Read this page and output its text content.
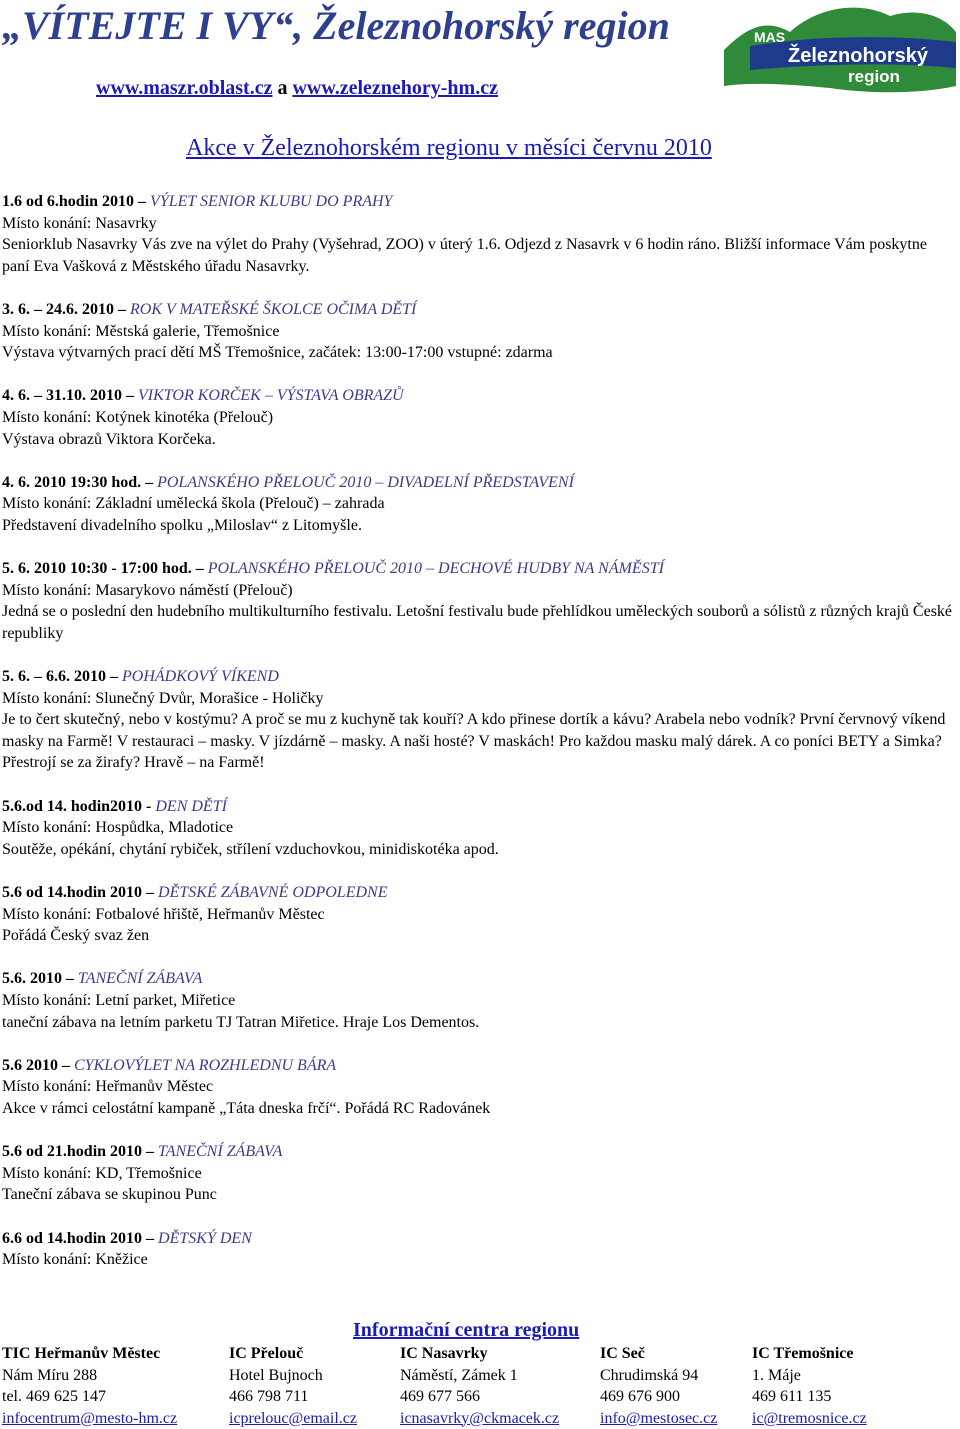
„VÍTEJTE I VY“, Železnohorský region
www.maszr.oblast.cz a www.zeleznehory-hm.cz
MAS
Železnohorský
region
Akce v Železnohorském regionu v měsíci červnu 2010
1.6 od 6.hodin 2010 – VÝLET SENIOR KLUBU DO PRAHY
Místo konání: Nasavrky
Seniorklub Nasavrky Vás zve na výlet do Prahy (Vyšehrad, ZOO) v úterý 1.6. Odjezd z Nasavrk v 6 hodin ráno. Bližší informace Vám poskytne paní Eva Vašková z Městského úřadu Nasavrky.
3. 6. – 24.6. 2010 – ROK V MATEŘSKÉ ŠKOLCE OČIMA DĚTÍ
Místo konání: Městská galerie, Třemošnice
Výstava výtvarných prací dětí MŠ Třemošnice, začátek: 13:00-17:00 vstupné: zdarma
4. 6. – 31.10. 2010 – VIKTOR KORČEK – VÝSTAVA OBRAZŮ
Místo konání: Kotýnek kinotéka (Přelouč)
Výstava obrazů Viktora Korčeka.
4. 6. 2010 19:30 hod. – POLANSKÉHO PŘELOUČ 2010 – DIVADELNÍ PŘEDSTAVENÍ
Místo konání: Základní umělecká škola (Přelouč) – zahrada
Představení divadelního spolku „Miloslav“ z Litomyšle.
5. 6. 2010 10:30 - 17:00 hod. – POLANSKÉHO PŘELOUČ 2010 – DECHOVÉ HUDBY NA NÁMĚSTÍ
Místo konání: Masarykovo náměstí (Přelouč)
Jedná se o poslední den hudebního multikulturního festivalu. Letošní festivalu bude přehlídkou uměleckých souborů a sólistů z různých krajů České republiky
5. 6. – 6.6. 2010 – POHÁDKOVÝ VÍKEND
Místo konání: Slunečný Dvůr, Morašice - Holičky
Je to čert skutečný, nebo v kostýmu? A proč se mu z kuchyně tak kouří? A kdo přinese dortík a kávu? Arabela nebo vodník? První červnový víkend masky na Farmě! V restauraci – masky. V jízdárně – masky. A naši hosté? V maskách! Pro každou masku malý dárek. A co poníci BETY a Simka? Přestrojí se za žirafy? Hravě – na Farmě!
5.6.od 14. hodin2010 - DEN DĚTÍ
Místo konání: Hospůdka, Mladotice
Soutěže, opékání, chytání rybiček, střílení vzduchovkou, minidiskotéka apod.
5.6 od 14.hodin 2010 – DĚTSKÉ ZÁBAVNÉ ODPOLEDNE
Místo konání: Fotbalové hřiště, Heřmanův Městec
Pořádá Český svaz žen
5.6. 2010 – TANEČNÍ ZÁBAVA
Místo konání: Letní parket, Miřetice
taneční zábava na letním parketu TJ Tatran Miřetice. Hraje Los Dementos.
5.6 2010 – CYKLOVÝLET NA ROZHLEDNU BÁRA
Místo konání: Heřmanův Městec
Akce v rámci celostátní kampaně „Táta dneska frčí“. Pořádá RC Radovánek
5.6 od 21.hodin 2010 – TANEČNÍ ZÁBAVA
Místo konání: KD, Třemošnice
Taneční zábava se skupinou Punc
6.6 od 14.hodin 2010 – DĚTSKÝ DEN
Místo konání: Kněžice
Informační centra regionu
TIC Heřmanův Městec
Nám Míru 288
tel. 469 625 147
infocentrum@mesto-hm.cz
IC Přelouč
Hotel Bujnoch
466 798 711
icprelouc@email.cz
IC Nasavrky
Náměstí, Zámek 1
469 677 566
icnasavrky@ckmacek.cz
IC Seč
Chrudimská 94
469 676 900
info@mestosec.cz
IC Třemošnice
1. Máje
469 611 135
ic@tremosnice.cz
